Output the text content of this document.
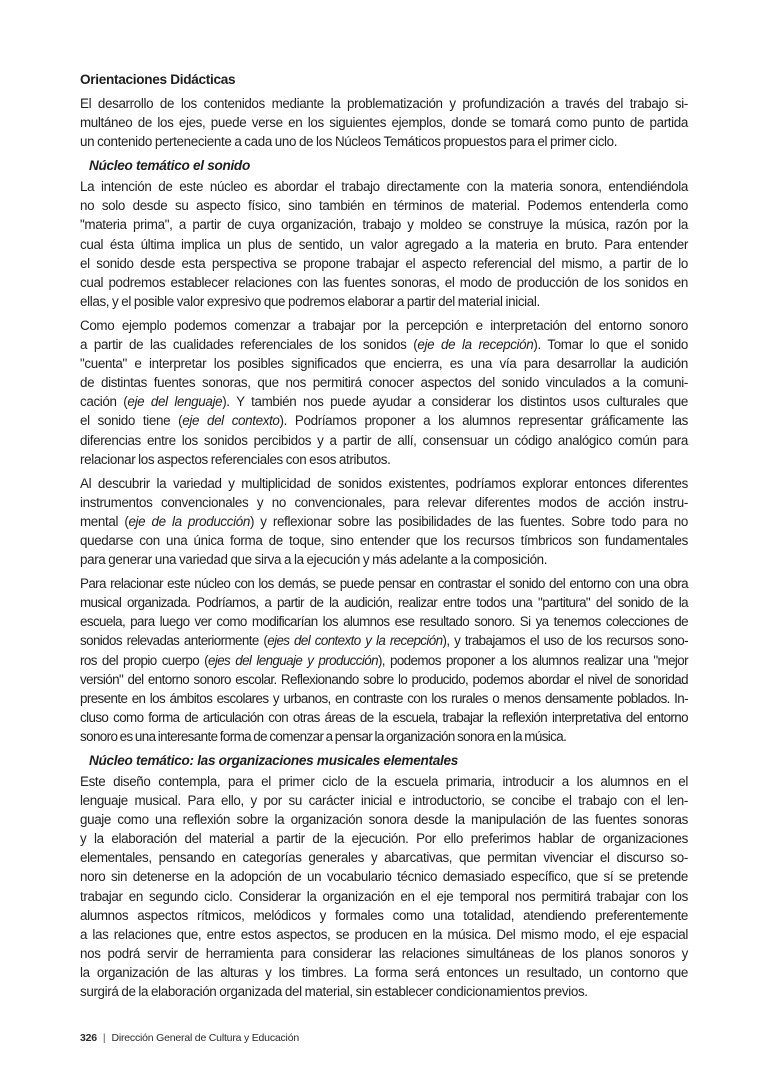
Orientaciones Didácticas
El desarrollo de los contenidos mediante la problematización y profundización a través del trabajo si-
multáneo de los ejes, puede verse en los siguientes ejemplos, donde se tomará como punto de partida
un contenido perteneciente a cada uno de los Núcleos Temáticos propuestos para el primer ciclo.
Núcleo temático el sonido
La intención de este núcleo es abordar el trabajo directamente con la materia sonora, entendiéndola
no solo desde su aspecto físico, sino también en términos de material. Podemos entenderla como
"materia prima", a partir de cuya organización, trabajo y moldeo se construye la música, razón por la
cual ésta última implica un plus de sentido, un valor agregado a la materia en bruto. Para entender
el sonido desde esta perspectiva se propone trabajar el aspecto referencial del mismo, a partir de lo
cual podremos establecer relaciones con las fuentes sonoras, el modo de producción de los sonidos en
ellas, y el posible valor expresivo que podremos elaborar a partir del material inicial.
Como ejemplo podemos comenzar a trabajar por la percepción e interpretación del entorno sonoro
a partir de las cualidades referenciales de los sonidos (eje de la recepción). Tomar lo que el sonido
"cuenta" e interpretar los posibles significados que encierra, es una vía para desarrollar la audición
de distintas fuentes sonoras, que nos permitirá conocer aspectos del sonido vinculados a la comuni-
cación (eje del lenguaje). Y también nos puede ayudar a considerar los distintos usos culturales que
el sonido tiene (eje del contexto). Podríamos proponer a los alumnos representar gráficamente las
diferencias entre los sonidos percibidos y a partir de allí, consensuar un código analógico común para
relacionar los aspectos referenciales con esos atributos.
Al descubrir la variedad y multiplicidad de sonidos existentes, podríamos explorar entonces diferentes
instrumentos convencionales y no convencionales, para relevar diferentes modos de acción instru-
mental (eje de la producción) y reflexionar sobre las posibilidades de las fuentes. Sobre todo para no
quedarse con una única forma de toque, sino entender que los recursos tímbricos son fundamentales
para generar una variedad que sirva a la ejecución y más adelante a la composición.
Para relacionar este núcleo con los demás, se puede pensar en contrastar el sonido del entorno con una obra
musical organizada. Podríamos, a partir de la audición, realizar entre todos una "partitura" del sonido de la
escuela, para luego ver como modificarían los alumnos ese resultado sonoro. Si ya tenemos colecciones de
sonidos relevadas anteriormente (ejes del contexto y la recepción), y trabajamos el uso de los recursos sono-
ros del propio cuerpo (ejes del lenguaje y producción), podemos proponer a los alumnos realizar una "mejor
versión" del entorno sonoro escolar. Reflexionando sobre lo producido, podemos abordar el nivel de sonoridad
presente en los ámbitos escolares y urbanos, en contraste con los rurales o menos densamente poblados. In-
cluso como forma de articulación con otras áreas de la escuela, trabajar la reflexión interpretativa del entorno
sonoro es una interesante forma de comenzar a pensar la organización sonora en la música.
Núcleo temático: las organizaciones musicales elementales
Este diseño contempla, para el primer ciclo de la escuela primaria, introducir a los alumnos en el
lenguaje musical. Para ello, y por su carácter inicial e introductorio, se concibe el trabajo con el len-
guaje como una reflexión sobre la organización sonora desde la manipulación de las fuentes sonoras
y la elaboración del material a partir de la ejecución. Por ello preferimos hablar de organizaciones
elementales, pensando en categorías generales y abarcativas, que permitan vivenciar el discurso so-
noro sin detenerse en la adopción de un vocabulario técnico demasiado específico, que sí se pretende
trabajar en segundo ciclo. Considerar la organización en el eje temporal nos permitirá trabajar con los
alumnos aspectos rítmicos, melódicos y formales como una totalidad, atendiendo preferentemente
a las relaciones que, entre estos aspectos, se producen en la música. Del mismo modo, el eje espacial
nos podrá servir de herramienta para considerar las relaciones simultáneas de los planos sonoros y
la organización de las alturas y los timbres. La forma será entonces un resultado, un contorno que
surgirá de la elaboración organizada del material, sin establecer condicionamientos previos.
326 | Dirección General de Cultura y Educación
